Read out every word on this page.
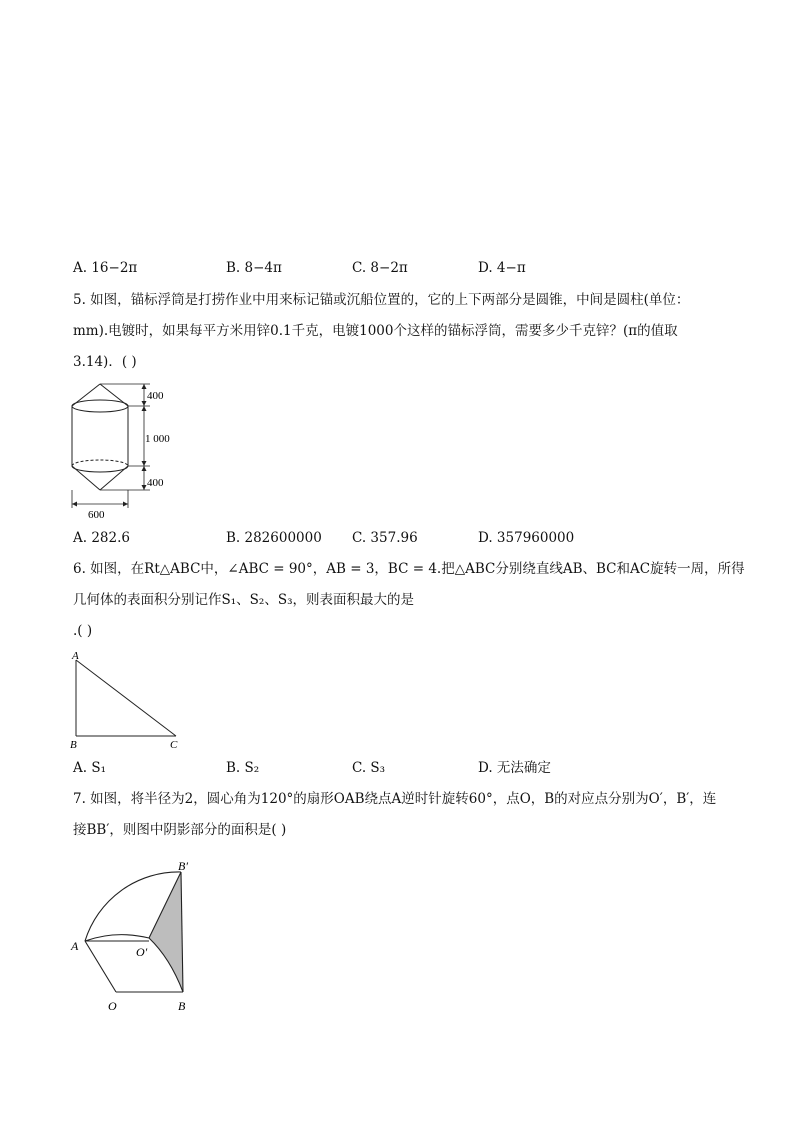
A. 16−2π	B. 8−4π	C. 8−2π	D. 4−π
5. 如图，锚标浮筒是打捞作业中用来标记锚或沉船位置的，它的上下两部分是圆锥，中间是圆柱(单位：
mm).电镀时，如果每平方米用锌0.1千克，电镀1000个这样的锚标浮筒，需要多少千克锌？(π的值取
3.14)．( )
400
1 000
400
600
A. 282.6	B. 282600000 C. 357.96	D. 357960000
6. 如图，在Rt△ABC中，∠ABC = 90°，AB = 3，BC = 4.把△ABC分别绕直线AB、BC和AC旋转一周，所得
几何体的表面积分别记作S₁、S₂、S₃，则表面积最大的是
.( )
A
B	C
A. S₁	B. S₂	C. S₃	D. 无法确定
7. 如图，将半径为2，圆心角为120°的扇形OAB绕点A逆时针旋转60°，点O，B的对应点分别为O′，B′，连
接BB′，则图中阴影部分的面积是( )
A	O′
B′
O	B
